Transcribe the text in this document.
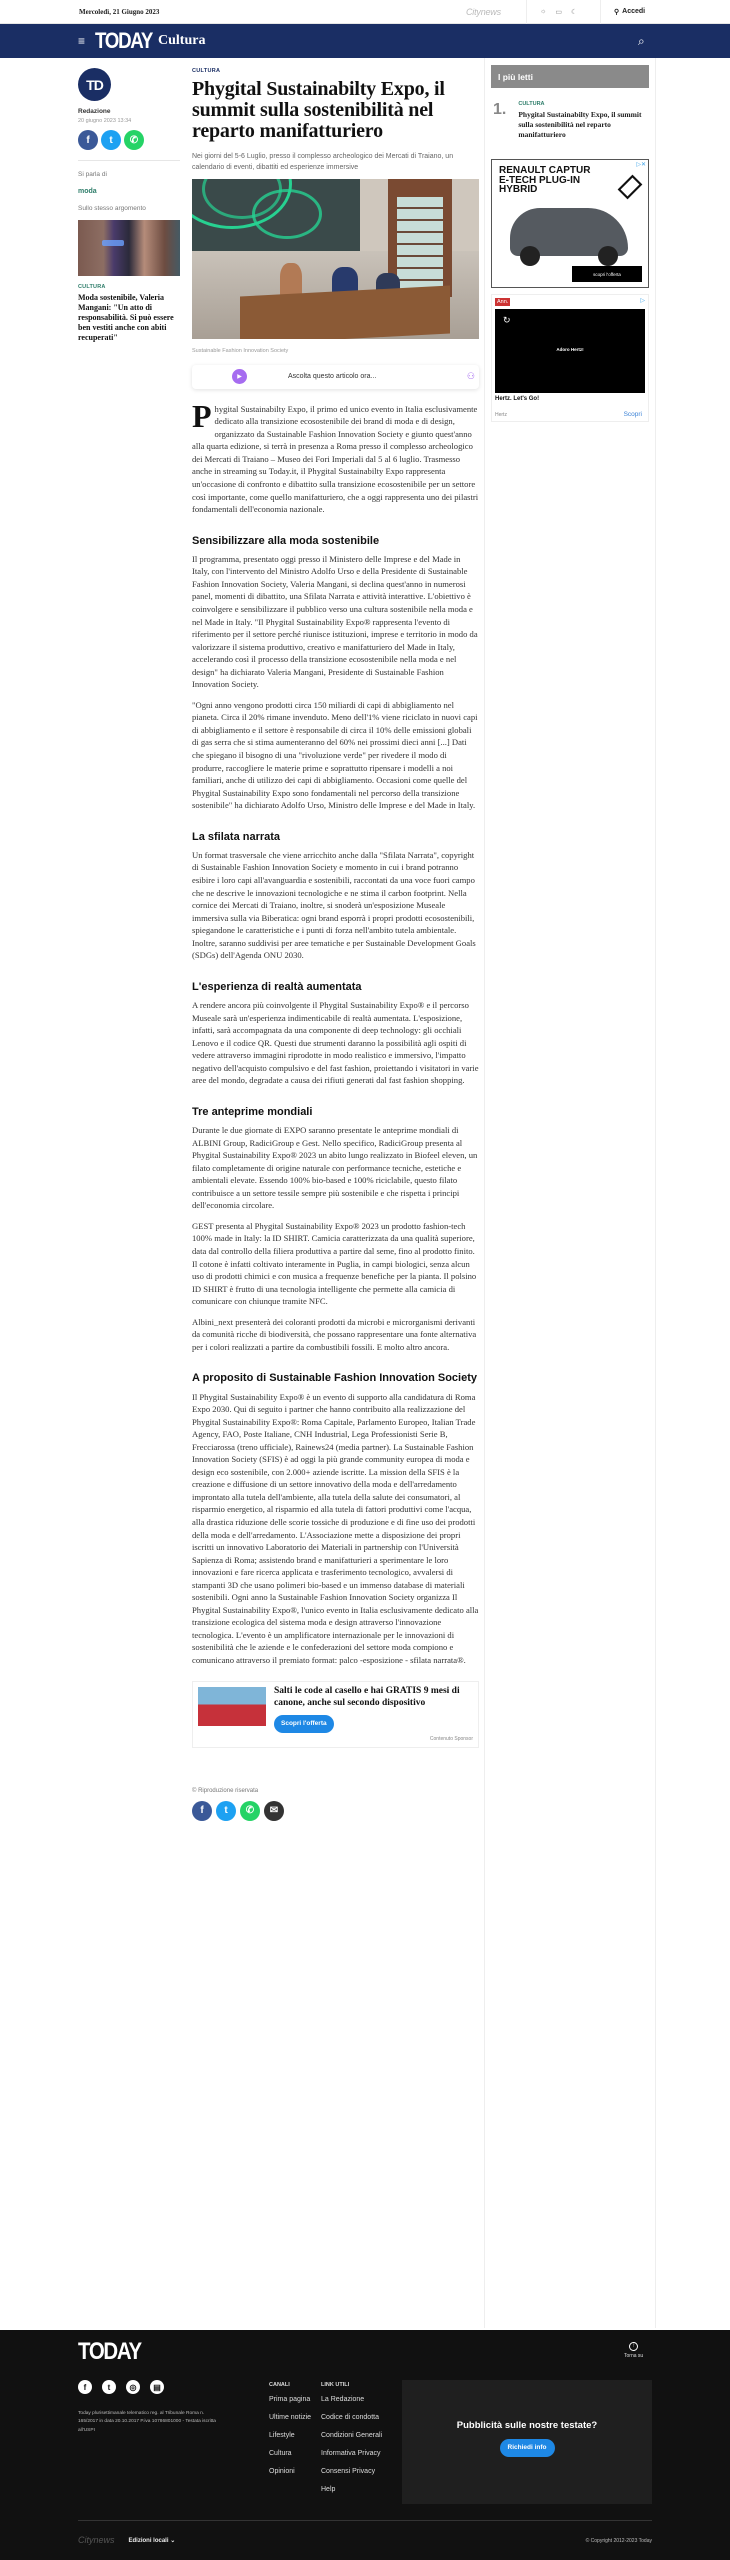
Mercoledì, 21 Giugno 2023	Citynews	☼ ▭ ☾	⚲ Accedi
≡ TODAY Cultura	⌕
TD
Redazione
20 giugno 2023 13:34
f	t	✆
Si parla di
moda
Sullo stesso argomento
CULTURA
Moda sostenibile, Valeria Mangani: "Un atto di responsabilità. Si può essere ben vestiti anche con abiti recuperati"
CULTURA
Phygital Sustainabilty Expo, il summit sulla sostenibilità nel reparto manifatturiero
Nei giorni del 5-6 Luglio, presso il complesso archeologico dei Mercati di Traiano, un calendario di eventi, dibattiti ed esperienze immersive
Sustainable Fashion Innovation Society
▶	Ascolta questo articolo ora...	⚇

Phygital Sustainabilty Expo, il primo ed unico evento in Italia esclusivamente dedicato alla transizione ecosostenibile dei brand di moda e di design, organizzato da Sustainable Fashion Innovation Society e giunto quest'anno alla quarta edizione, si terrà in presenza a Roma presso il complesso archeologico dei Mercati di Traiano – Museo dei Fori Imperiali dal 5 al 6 luglio. Trasmesso anche in streaming su Today.it, il Phygital Sustainabilty Expo rappresenta un'occasione di confronto e dibattito sulla transizione ecosostenibile per un settore così importante, come quello manifatturiero, che a oggi rappresenta uno dei pilastri fondamentali dell'economia nazionale.

Sensibilizzare alla moda sostenibile

Il programma, presentato oggi presso il Ministero delle Imprese e del Made in Italy, con l'intervento del Ministro Adolfo Urso e della Presidente di Sustainable Fashion Innovation Society, Valeria Mangani, si declina quest'anno in numerosi panel, momenti di dibattito, una Sfilata Narrata e attività interattive. L'obiettivo è coinvolgere e sensibilizzare il pubblico verso una cultura sostenibile nella moda e nel Made in Italy. "Il Phygital Sustainability Expo® rappresenta l'evento di riferimento per il settore perché riunisce istituzioni, imprese e territorio in modo da valorizzare il sistema produttivo, creativo e manifatturiero del Made in Italy, accelerando così il processo della transizione ecosostenibile nella moda e nel design" ha dichiarato Valeria Mangani, Presidente di Sustainable Fashion Innovation Society.

"Ogni anno vengono prodotti circa 150 miliardi di capi di abbigliamento nel pianeta. Circa il 20% rimane invenduto. Meno dell'1% viene riciclato in nuovi capi di abbigliamento e il settore è responsabile di circa il 10% delle emissioni globali di gas serra che si stima aumenteranno del 60% nei prossimi dieci anni [...] Dati che spiegano il bisogno di una "rivoluzione verde" per rivedere il modo di produrre, raccogliere le materie prime e soprattutto ripensare i modelli a noi familiari, anche di utilizzo dei capi di abbigliamento. Occasioni come quelle del Phygital Sustainability Expo sono fondamentali nel percorso della transizione sostenibile" ha dichiarato Adolfo Urso, Ministro delle Imprese e del Made in Italy.

La sfilata narrata

Un format trasversale che viene arricchito anche dalla "Sfilata Narrata", copyright di Sustainable Fashion Innovation Society e momento in cui i brand potranno esibire i loro capi all'avanguardia e sostenibili, raccontati da una voce fuori campo che ne descrive le innovazioni tecnologiche e ne stima il carbon footprint. Nella cornice dei Mercati di Traiano, inoltre, si snoderà un'esposizione Museale immersiva sulla via Biberatica: ogni brand esporrà i propri prodotti ecosostenibili, spiegandone le caratteristiche e i punti di forza nell'ambito tutela ambientale. Inoltre, saranno suddivisi per aree tematiche e per Sustainable Development Goals (SDGs) dell'Agenda ONU 2030.

L'esperienza di realtà aumentata

A rendere ancora più coinvolgente il Phygital Sustainability Expo® e il percorso Museale sarà un'esperienza indimenticabile di realtà aumentata. L'esposizione, infatti, sarà accompagnata da una componente di deep technology: gli occhiali Lenovo e il codice QR. Questi due strumenti daranno la possibilità agli ospiti di vedere attraverso immagini riprodotte in modo realistico e immersivo, l'impatto negativo dell'acquisto compulsivo e del fast fashion, proiettando i visitatori in varie aree del mondo, degradate a causa dei rifiuti generati dal fast fashion shopping.

Tre anteprime mondiali

Durante le due giornate di EXPO saranno presentate le anteprime mondiali di ALBINI Group, RadiciGroup e Gest. Nello specifico, RadiciGroup presenta al Phygital Sustainability Expo® 2023 un abito lungo realizzato in Biofeel eleven, un filato completamente di origine naturale con performance tecniche, estetiche e ambientali elevate. Essendo 100% bio-based e 100% riciclabile, questo filato contribuisce a un settore tessile sempre più sostenibile e che rispetta i principi dell'economia circolare.

GEST presenta al Phygital Sustainability Expo® 2023 un prodotto fashion-tech 100% made in Italy: la ID SHIRT. Camicia caratterizzata da una qualità superiore, data dal controllo della filiera produttiva a partire dal seme, fino al prodotto finito. Il cotone è infatti coltivato interamente in Puglia, in campi biologici, senza alcun uso di prodotti chimici e con musica a frequenze benefiche per la pianta. Il polsino ID SHIRT è frutto di una tecnologia intelligente che permette alla camicia di comunicare con chiunque tramite NFC.

Albini_next presenterà dei coloranti prodotti da microbi e microrganismi derivanti da comunità ricche di biodiversità, che possano rappresentare una fonte alternativa per i colori realizzati a partire da combustibili fossili. E molto altro ancora.

A proposito di Sustainable Fashion Innovation Society

Il Phygital Sustainability Expo® è un evento di supporto alla candidatura di Roma Expo 2030. Qui di seguito i partner che hanno contribuito alla realizzazione del Phygital Sustainability Expo®: Roma Capitale, Parlamento Europeo, Italian Trade Agency, FAO, Poste Italiane, CNH Industrial, Lega Professionisti Serie B, Frecciarossa (treno ufficiale), Rainews24 (media partner). La Sustainable Fashion Innovation Society (SFIS) è ad oggi la più grande community europea di moda e design eco sostenibile, con 2.000+ aziende iscritte. La mission della SFIS è la creazione e diffusione di un settore innovativo della moda e dell'arredamento improntato alla tutela dell'ambiente, alla tutela della salute dei consumatori, al risparmio energetico, al risparmio ed alla tutela di fattori produttivi come l'acqua, alla drastica riduzione delle scorie tossiche di produzione e di fine uso dei prodotti della moda e dell'arredamento. L'Associazione mette a disposizione dei propri iscritti un innovativo Laboratorio dei Materiali in partnership con l'Università Sapienza di Roma; assistendo brand e manifatturieri a sperimentare le loro innovazioni e fare ricerca applicata e trasferimento tecnologico, avvalersi di stampanti 3D che usano polimeri bio-based e un immenso database di materiali sostenibili. Ogni anno la Sustainable Fashion Innovation Society organizza Il Phygital Sustainability Expo®, l'unico evento in Italia esclusivamente dedicato alla transizione ecologica del sistema moda e design attraverso l'innovazione tecnologica. L'evento è un amplificatore internazionale per le innovazioni di sostenibilità che le aziende e le confederazioni del settore moda compiono e comunicano attraverso il premiato format: palco -esposizione - sfilata narrata®.

Salti le code al casello e hai GRATIS 9 mesi di canone, anche sul secondo dispositivo
Scopri l'offerta
Contenuto Sponsor
© Riproduzione riservata
f	t	✆	✉
I più letti
1. CULTURA
Phygital Sustainabilty Expo, il summit sulla sostenibilità nel reparto manifatturiero
RENAULT CAPTUR
E-TECH PLUG-IN
HYBRID
▷✕
scopri l'offerta
Ann.	▷
↻
Adoro Hertz!
Hertz. Let's Go!
Hertz	Scopri
TODAY	↑
Torna su
f	t	◎	▤
Today plurisettimanale telematico reg. al Tribunale Roma n. 165/2017 in data 20.10.2017 P.iva 10786801000 - Testata iscritta all'USPI
CANALI
Prima pagina
Ultime notizie
Lifestyle
Cultura
Opinioni
LINK UTILI
La Redazione
Codice di condotta
Condizioni Generali
Informativa Privacy
Consensi Privacy
Help
Pubblicità sulle nostre testate?
Richiedi info
Citynews Edizioni locali ⌄	© Copyright 2012-2023 Today
